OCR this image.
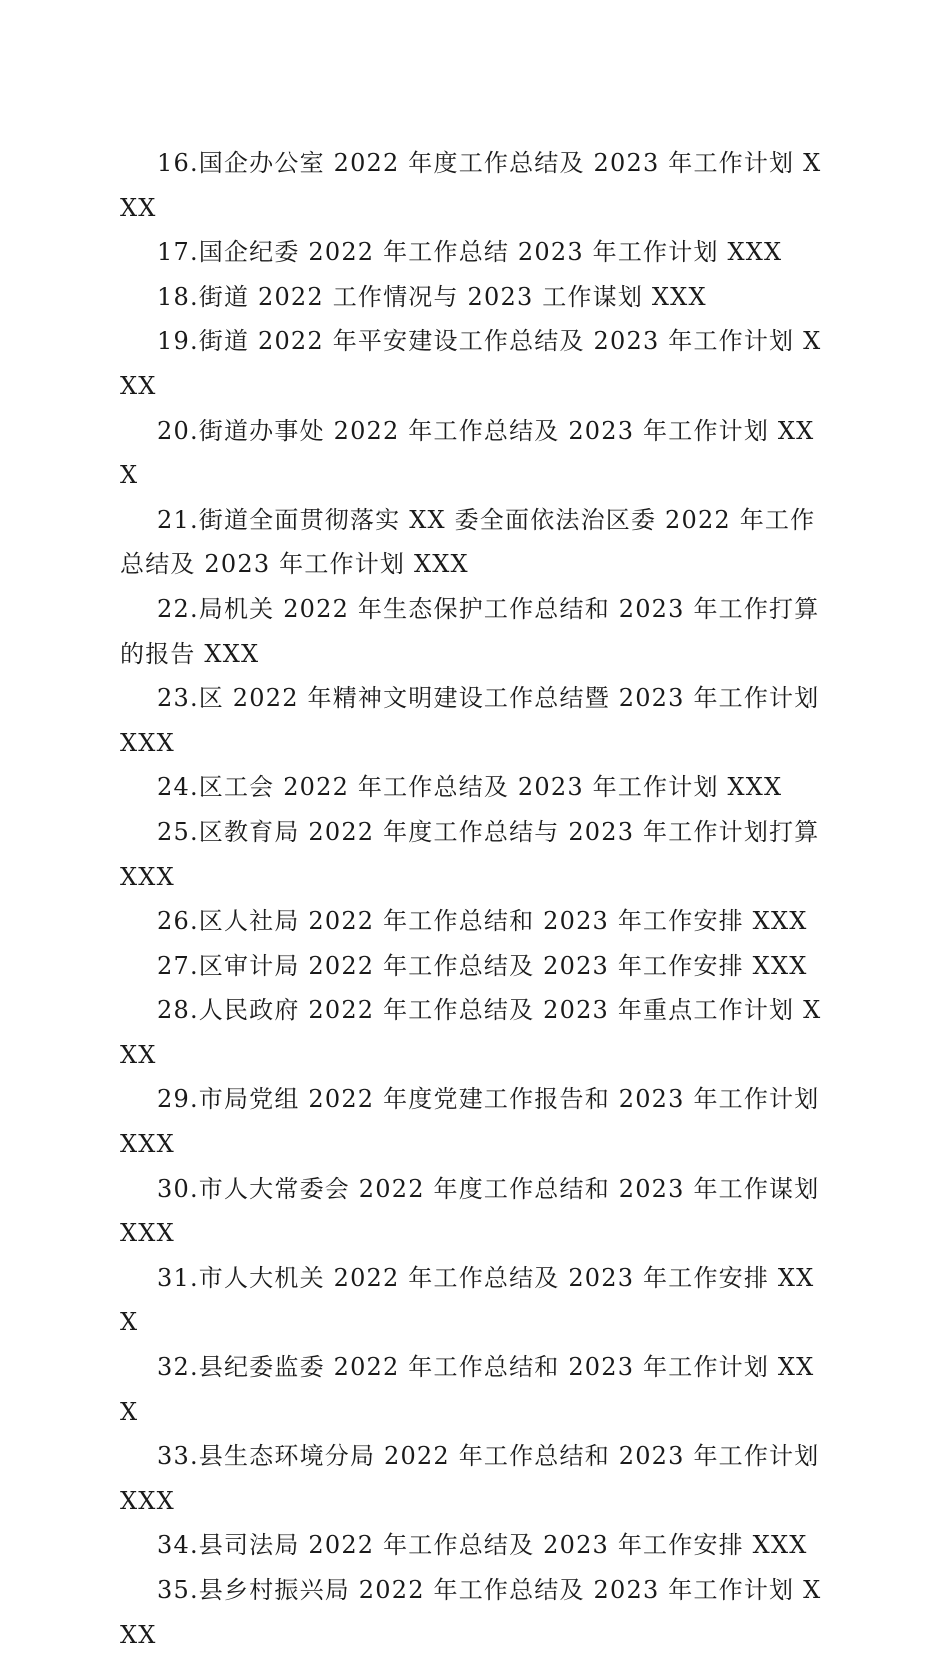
16.国企办公室 2022 年度工作总结及 2023 年工作计划 XXX
17.国企纪委 2022 年工作总结 2023 年工作计划 XXX
18.街道 2022 工作情况与 2023 工作谋划 XXX
19.街道 2022 年平安建设工作总结及 2023 年工作计划 XXX
20.街道办事处 2022 年工作总结及 2023 年工作计划 XXX
21.街道全面贯彻落实 XX 委全面依法治区委 2022 年工作总结及 2023 年工作计划 XXX
22.局机关 2022 年生态保护工作总结和 2023 年工作打算的报告 XXX
23.区 2022 年精神文明建设工作总结暨 2023 年工作计划 XXX
24.区工会 2022 年工作总结及 2023 年工作计划 XXX
25.区教育局 2022 年度工作总结与 2023 年工作计划打算 XXX
26.区人社局 2022 年工作总结和 2023 年工作安排 XXX
27.区审计局 2022 年工作总结及 2023 年工作安排 XXX
28.人民政府 2022 年工作总结及 2023 年重点工作计划 XXX
29.市局党组 2022 年度党建工作报告和 2023 年工作计划 XXX
30.市人大常委会 2022 年度工作总结和 2023 年工作谋划 XXX
31.市人大机关 2022 年工作总结及 2023 年工作安排 XXX
32.县纪委监委 2022 年工作总结和 2023 年工作计划 XXX
33.县生态环境分局 2022 年工作总结和 2023 年工作计划 XXX
34.县司法局 2022 年工作总结及 2023 年工作安排 XXX
35.县乡村振兴局 2022 年工作总结及 2023 年工作计划 XXX
